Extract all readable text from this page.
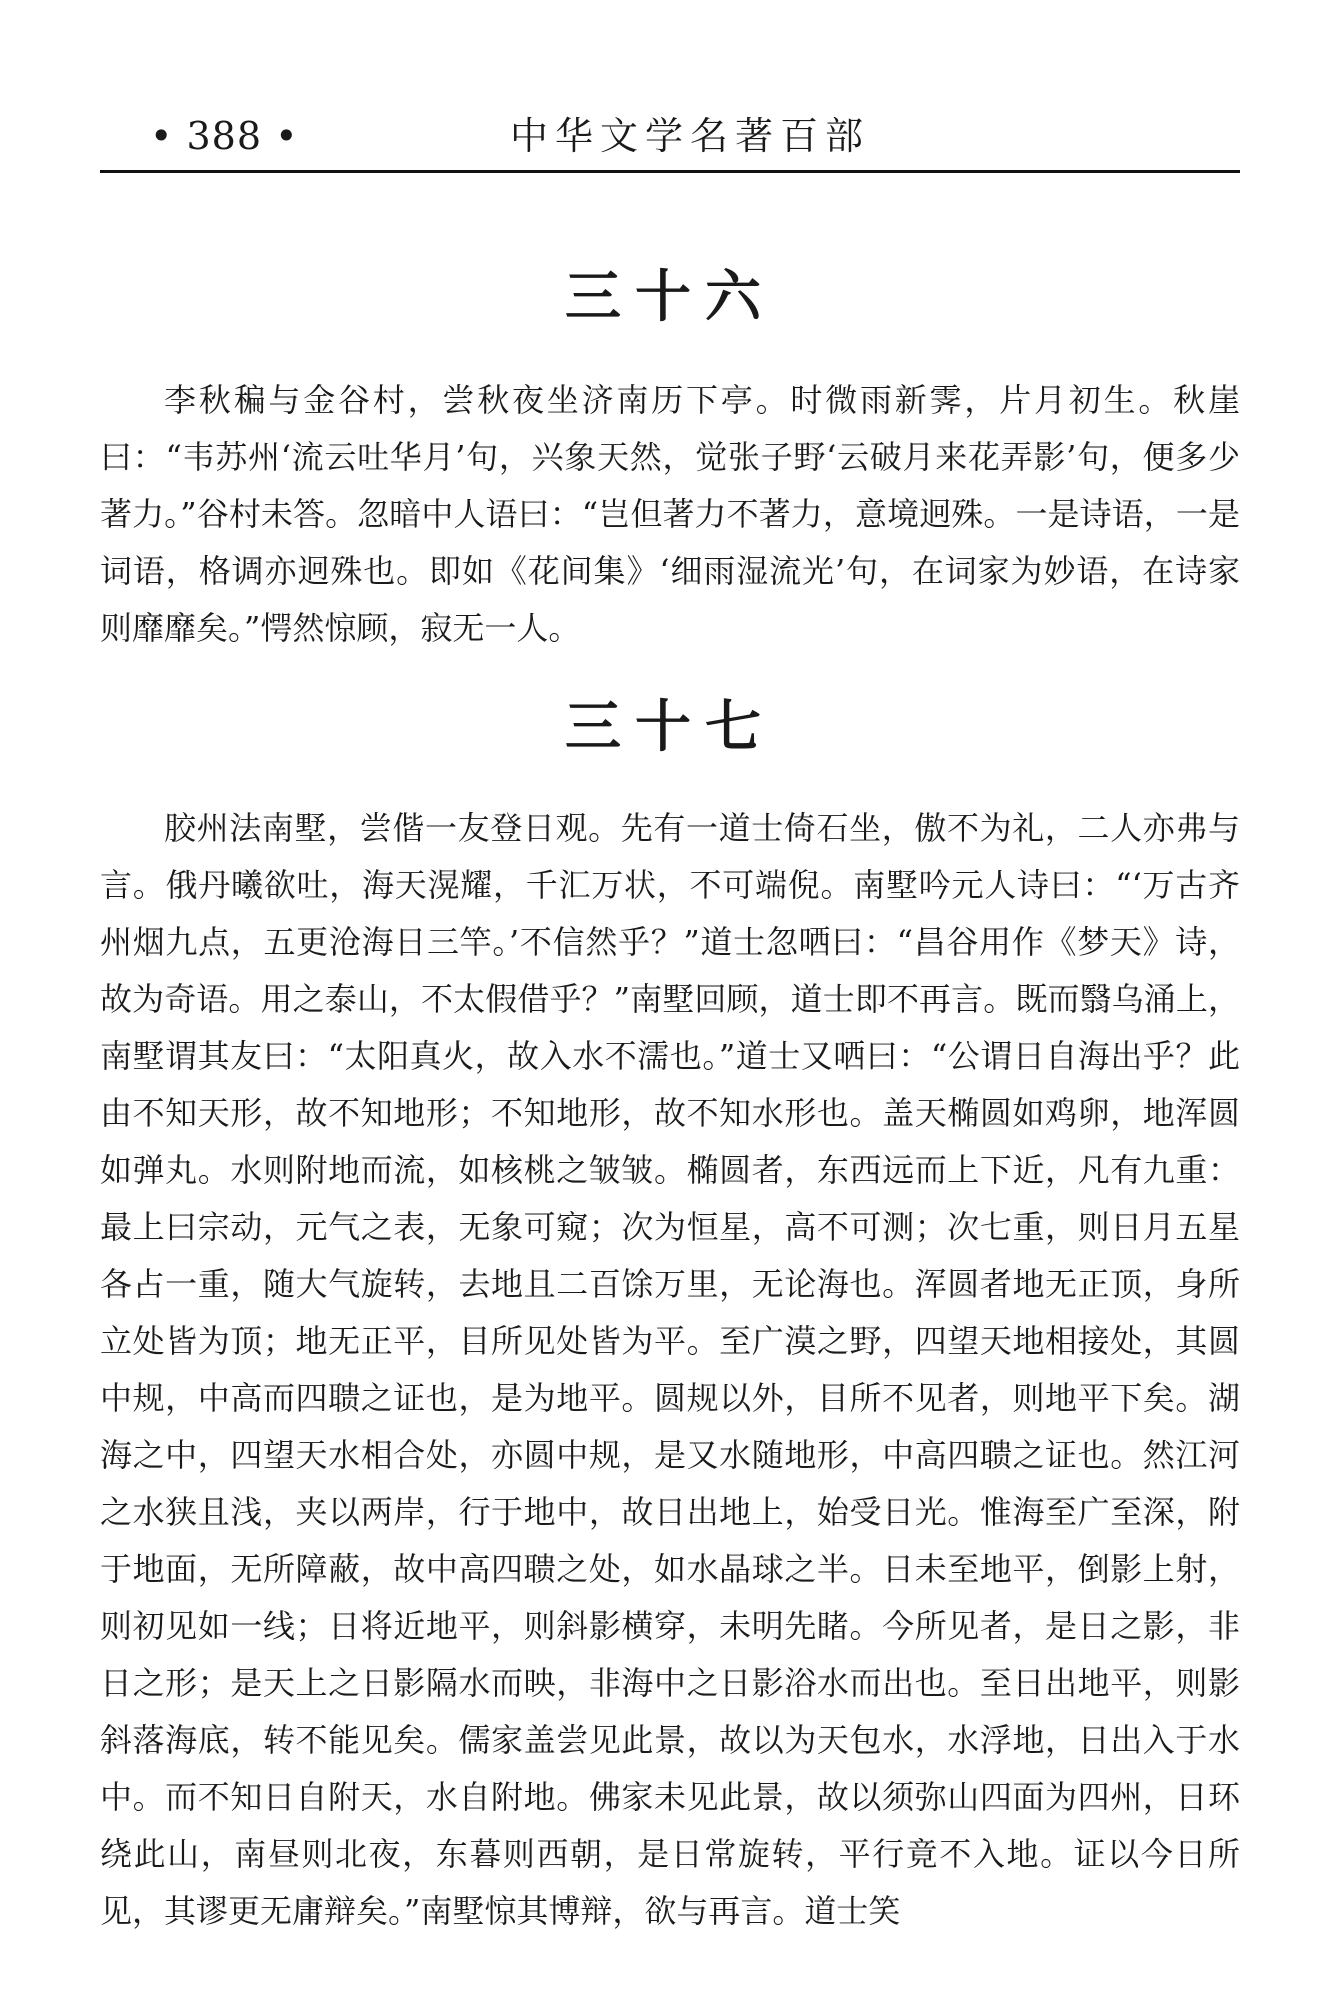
• 388 •	中华文学名著百部
三十六

李秋稨与金谷村，尝秋夜坐济南历下亭。时微雨新霁，片月初生。秋崖曰：“韦苏州‘流云吐华月’句，兴象天然，觉张子野‘云破月来花弄影’句，便多少著力。”谷村未答。忽暗中人语曰：“岂但著力不著力，意境迥殊。一是诗语，一是词语，格调亦迥殊也。即如《花间集》‘细雨湿流光’句，在词家为妙语，在诗家则靡靡矣。”愕然惊顾，寂无一人。

三十七

胶州法南墅，尝偕一友登日观。先有一道士倚石坐，傲不为礼，二人亦弗与言。俄丹曦欲吐，海天滉耀，千汇万状，不可端倪。南墅吟元人诗曰：“‘万古齐州烟九点，五更沧海日三竿。’不信然乎？”道士忽哂曰：“昌谷用作《梦天》诗，故为奇语。用之泰山，不太假借乎？”南墅回顾，道士即不再言。既而翳乌涌上，南墅谓其友曰：“太阳真火，故入水不濡也。”道士又哂曰：“公谓日自海出乎？此由不知天形，故不知地形；不知地形，故不知水形也。盖天椭圆如鸡卵，地浑圆如弹丸。水则附地而流，如核桃之皱皱。椭圆者，东西远而上下近，凡有九重：最上曰宗动，元气之表，无象可窥；次为恒星，高不可测；次七重，则日月五星各占一重，随大气旋转，去地且二百馀万里，无论海也。浑圆者地无正顶，身所立处皆为顶；地无正平，目所见处皆为平。至广漠之野，四望天地相接处，其圆中规，中高而四聩之证也，是为地平。圆规以外，目所不见者，则地平下矣。湖海之中，四望天水相合处，亦圆中规，是又水随地形，中高四聩之证也。然江河之水狭且浅，夹以两岸，行于地中，故日出地上，始受日光。惟海至广至深，附于地面，无所障蔽，故中高四聩之处，如水晶球之半。日未至地平，倒影上射，则初见如一线；日将近地平，则斜影横穿，未明先睹。今所见者，是日之影，非日之形；是天上之日影隔水而映，非海中之日影浴水而出也。至日出地平，则影斜落海底，转不能见矣。儒家盖尝见此景，故以为天包水，水浮地，日出入于水中。而不知日自附天，水自附地。佛家未见此景，故以须弥山四面为四州，日环绕此山，南昼则北夜，东暮则西朝，是日常旋转，平行竟不入地。证以今日所见，其谬更无庸辩矣。”南墅惊其博辩，欲与再言。道士笑
